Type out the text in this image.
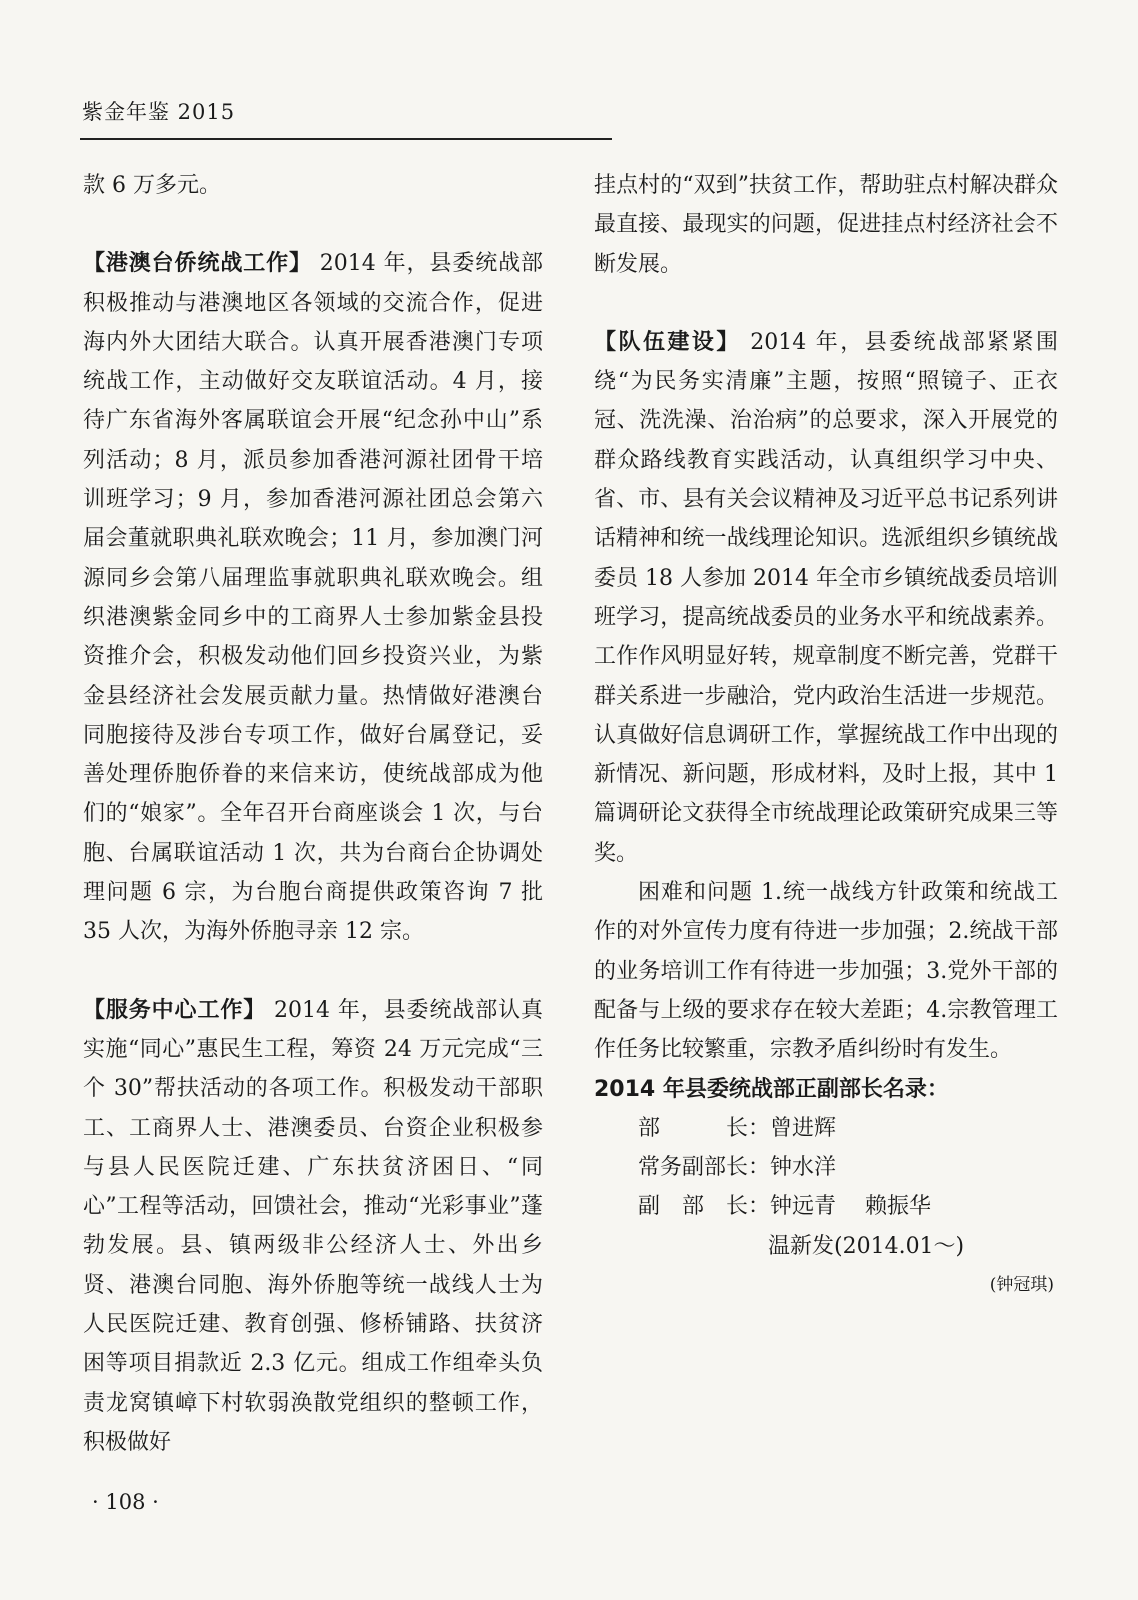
紫金年鉴 2015

款 6 万多元。

【港澳台侨统战工作】 2014 年，县委统战部积极推动与港澳地区各领域的交流合作，促进海内外大团结大联合。认真开展香港澳门专项统战工作，主动做好交友联谊活动。4 月，接待广东省海外客属联谊会开展“纪念孙中山”系列活动；8 月，派员参加香港河源社团骨干培训班学习；9 月，参加香港河源社团总会第六届会董就职典礼联欢晚会；11 月，参加澳门河源同乡会第八届理监事就职典礼联欢晚会。组织港澳紫金同乡中的工商界人士参加紫金县投资推介会，积极发动他们回乡投资兴业，为紫金县经济社会发展贡献力量。热情做好港澳台同胞接待及涉台专项工作，做好台属登记，妥善处理侨胞侨眷的来信来访，使统战部成为他们的“娘家”。全年召开台商座谈会 1 次，与台胞、台属联谊活动 1 次，共为台商台企协调处理问题 6 宗，为台胞台商提供政策咨询 7 批 35 人次，为海外侨胞寻亲 12 宗。

【服务中心工作】 2014 年，县委统战部认真实施“同心”惠民生工程，筹资 24 万元完成“三个 30”帮扶活动的各项工作。积极发动干部职工、工商界人士、港澳委员、台资企业积极参与县人民医院迁建、广东扶贫济困日、“同心”工程等活动，回馈社会，推动“光彩事业”蓬勃发展。县、镇两级非公经济人士、外出乡贤、港澳台同胞、海外侨胞等统一战线人士为人民医院迁建、教育创强、修桥铺路、扶贫济困等项目捐款近 2.3 亿元。组成工作组牵头负责龙窝镇嶂下村软弱涣散党组织的整顿工作，积极做好

挂点村的“双到”扶贫工作，帮助驻点村解决群众最直接、最现实的问题，促进挂点村经济社会不断发展。

【队伍建设】 2014 年，县委统战部紧紧围绕“为民务实清廉”主题，按照“照镜子、正衣冠、洗洗澡、治治病”的总要求，深入开展党的群众路线教育实践活动，认真组织学习中央、省、市、县有关会议精神及习近平总书记系列讲话精神和统一战线理论知识。选派组织乡镇统战委员 18 人参加 2014 年全市乡镇统战委员培训班学习，提高统战委员的业务水平和统战素养。工作作风明显好转，规章制度不断完善，党群干群关系进一步融洽，党内政治生活进一步规范。认真做好信息调研工作，掌握统战工作中出现的新情况、新问题，形成材料，及时上报，其中 1 篇调研论文获得全市统战理论政策研究成果三等奖。

困难和问题 1.统一战线方针政策和统战工作的对外宣传力度有待进一步加强；2.统战干部的业务培训工作有待进一步加强；3.党外干部的配备与上级的要求存在较大差距；4.宗教管理工作任务比较繁重，宗教矛盾纠纷时有发生。

2014 年县委统战部正副部长名录：

部　　　长：曾进辉

常务副部长：钟水洋

副　部　长：钟远青　 赖振华

温新发(2014.01～)

(钟冠琪)

· 108 ·
